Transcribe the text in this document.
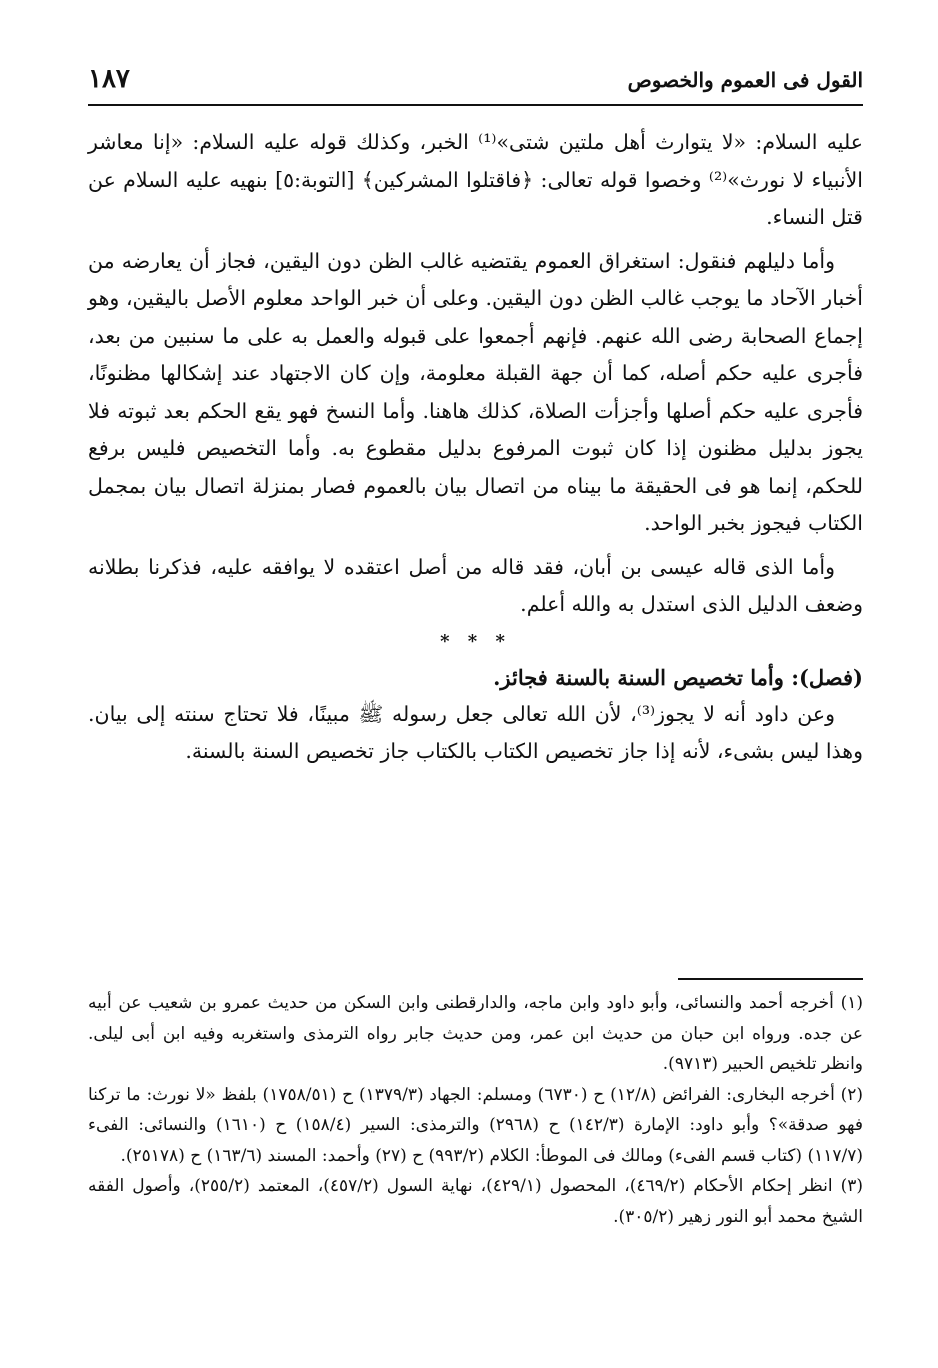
القول فى العموم والخصوص
١٨٧

عليه السلام: «لا يتوارث أهل ملتين شتى»⁽¹⁾ الخبر، وكذلك قوله عليه السلام: «إنا معاشر الأنبياء لا نورث»⁽²⁾ وخصوا قوله تعالى: ﴿فاقتلوا المشركين﴾ [التوبة:٥] بنهيه عليه السلام عن قتل النساء.

وأما دليلهم فنقول: استغراق العموم يقتضيه غالب الظن دون اليقين، فجاز أن يعارضه من أخبار الآحاد ما يوجب غالب الظن دون اليقين. وعلى أن خبر الواحد معلوم الأصل باليقين، وهو إجماع الصحابة رضى الله عنهم. فإنهم أجمعوا على قبوله والعمل به على ما سنبين من بعد، فأجرى عليه حكم أصله، كما أن جهة القبلة معلومة، وإن كان الاجتهاد عند إشكالها مظنونًا، فأجرى عليه حكم أصلها وأجزأت الصلاة، كذلك هاهنا. وأما النسخ فهو يقع الحكم بعد ثبوته فلا يجوز بدليل مظنون إذا كان ثبوت المرفوع بدليل مقطوع به. وأما التخصيص فليس برفع للحكم، إنما هو فى الحقيقة ما بيناه من اتصال بيان بالعموم فصار بمنزلة اتصال بيان بمجمل الكتاب فيجوز بخبر الواحد.

وأما الذى قاله عيسى بن أبان، فقد قاله من أصل اعتقده لا يوافقه عليه، فذكرنا بطلانه وضعف الدليل الذى استدل به والله أعلم.

* * *
(فصل): وأما تخصيص السنة بالسنة فجائز.

وعن داود أنه لا يجوز⁽³⁾، لأن الله تعالى جعل رسوله ﷺ مبينًا، فلا تحتاج سنته إلى بيان. وهذا ليس بشىء، لأنه إذا جاز تخصيص الكتاب بالكتاب جاز تخصيص السنة بالسنة.

(١) أخرجه أحمد والنسائى، وأبو داود وابن ماجه، والدارقطنى وابن السكن من حديث عمرو بن شعيب عن أبيه عن جده. ورواه ابن حبان من حديث ابن عمر، ومن حديث جابر رواه الترمذى واستغربه وفيه ابن أبى ليلى. وانظر تلخيص الحبير (٩٧١٣).

(٢) أخرجه البخارى: الفرائض (١٢/٨) ح (٦٧٣٠) ومسلم: الجهاد (١٣٧٩/٣) ح (١٧٥٨/٥١) بلفظ «لا نورث: ما تركنا فهو صدقة»؟ وأبو داود: الإمارة (١٤٢/٣) ح (٢٩٦٨) والترمذى: السير (١٥٨/٤) ح (١٦١٠) والنسائى: الفىء (١١٧/٧) (كتاب قسم الفىء) ومالك فى الموطأ: الكلام (٩٩٣/٢) ح (٢٧) وأحمد: المسند (١٦٣/٦) ح (٢٥١٧٨).

(٣) انظر إحكام الأحكام (٤٦٩/٢)، المحصول (٤٢٩/١)، نهاية السول (٤٥٧/٢)، المعتمد (٢٥٥/٢)، وأصول الفقه الشيخ محمد أبو النور زهير (٣٠٥/٢).
